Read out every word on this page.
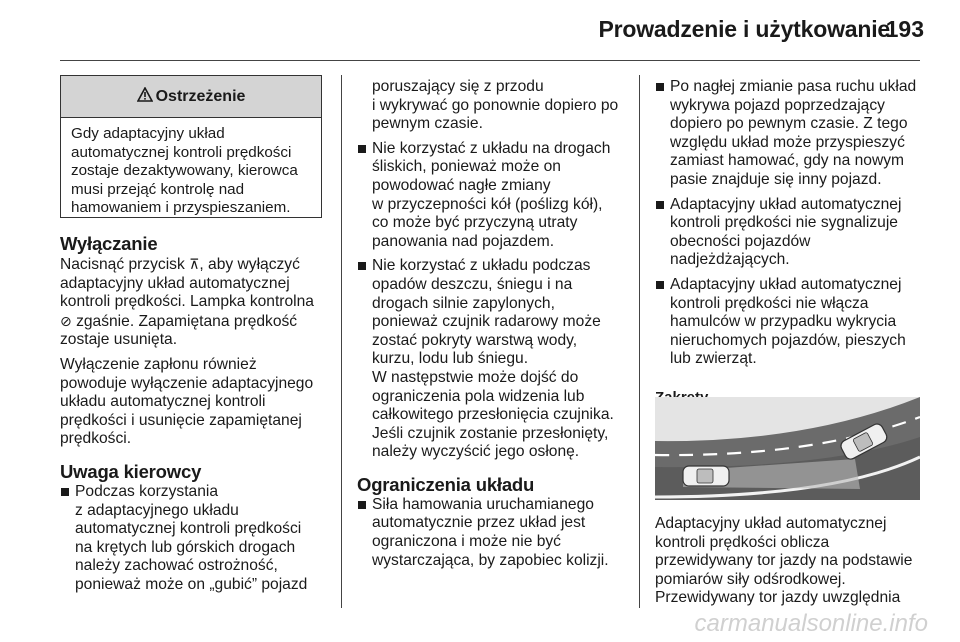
Prowadzenie i użytkowanie
193
Ostrzeżenie
Gdy adaptacyjny układ
automatycznej kontroli prędkości
zostaje dezaktywowany, kierowca
musi przejąć kontrolę nad
hamowaniem i przyspieszaniem.
Wyłączanie

Nacisnąć przycisk ⊼, aby wyłączyć
adaptacyjny układ automatycznej
kontroli prędkości. Lampka kontrolna
⊘ zgaśnie. Zapamiętana prędkość
zostaje usunięta.

Wyłączenie zapłonu również
powoduje wyłączenie adaptacyjnego
układu automatycznej kontroli
prędkości i usunięcie zapamiętanej
prędkości.

Uwaga kierowcy
Podczas korzystania
z adaptacyjnego układu
automatycznej kontroli prędkości
na krętych lub górskich drogach
należy zachować ostrożność,
ponieważ może on „gubić” pojazd

poruszający się z przodu
i wykrywać go ponownie dopiero po
pewnym czasie.

Nie korzystać z układu na drogach
śliskich, ponieważ może on
powodować nagłe zmiany
w przyczepności kół (poślizg kół),
co może być przyczyną utraty
panowania nad pojazdem.
Nie korzystać z układu podczas
opadów deszczu, śniegu i na
drogach silnie zapylonych,
ponieważ czujnik radarowy może
zostać pokryty warstwą wody,
kurzu, lodu lub śniegu.
W następstwie może dojść do
ograniczenia pola widzenia lub
całkowitego przesłonięcia czujnika.
Jeśli czujnik zostanie przesłonięty,
należy wyczyścić jego osłonę.
Ograniczenia układu
Siła hamowania uruchamianego
automatycznie przez układ jest
ograniczona i może nie być
wystarczająca, by zapobiec kolizji.
Po nagłej zmianie pasa ruchu układ
wykrywa pojazd poprzedzający
dopiero po pewnym czasie. Z tego
względu układ może przyspieszyć
zamiast hamować, gdy na nowym
pasie znajduje się inny pojazd.
Adaptacyjny układ automatycznej
kontroli prędkości nie sygnalizuje
obecności pojazdów
nadjeżdżających.
Adaptacyjny układ automatycznej
kontroli prędkości nie włącza
hamulców w przypadku wykrycia
nieruchomych pojazdów, pieszych
lub zwierząt.

Adaptacyjny układ automatycznej
kontroli prędkości oblicza
przewidywany tor jazdy na podstawie
pomiarów siły odśrodkowej.
Przewidywany tor jazdy uwzględnia

carmanualsonline.info
